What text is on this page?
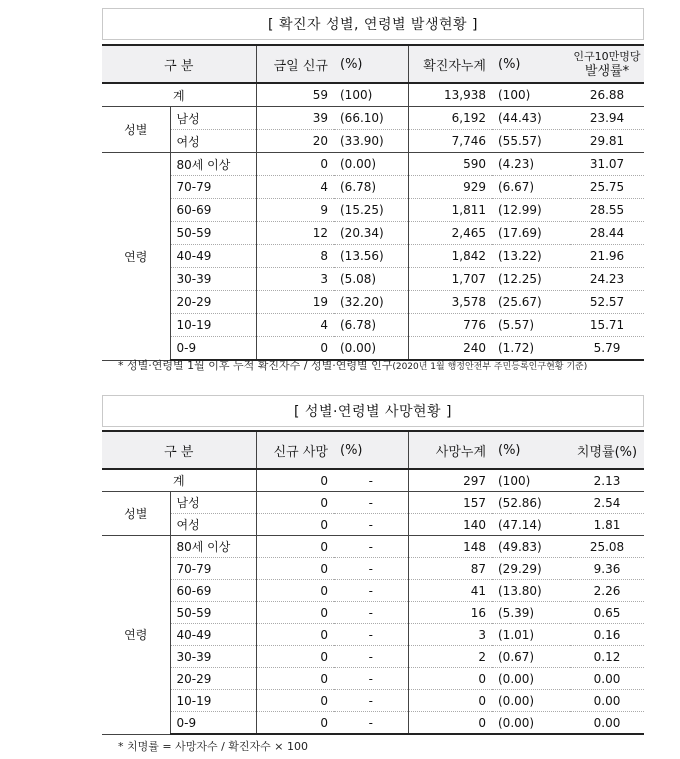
[ 확진자 성별, 연령별 발생현황 ]
구 분		금일 신규	(%)	확진자누계	(%)	인구10만명당
발생률*

계		59	(100)	13,938	(100)	26.88
성별	남성	39	(66.10)	6,192	(44.43)	23.94
	여성	20	(33.90)	7,746	(55.57)	29.81
연령	80세 이상	0	(0.00)	590	(4.23)	31.07
	70-79	4	(6.78)	929	(6.67)	25.75
	60-69	9	(15.25)	1,811	(12.99)	28.55
	50-59	12	(20.34)	2,465	(17.69)	28.44
	40-49	8	(13.56)	1,842	(13.22)	21.96
	30-39	3	(5.08)	1,707	(12.25)	24.23
	20-29	19	(32.20)	3,578	(25.67)	52.57
	10-19	4	(6.78)	776	(5.57)	15.71
	0-9	0	(0.00)	240	(1.72)	5.79
* 성별·연령별 1월 이후 누적 확진자수 / 성별·연령별 인구(2020년 1월 행정안전부 주민등록인구현황 기준)
[ 성별·연령별 사망현황 ]
구 분		신규 사망	(%)	사망누계	(%)	치명률(%)
계		0	-	297	(100)	2.13
성별	남성	0	-	157	(52.86)	2.54
	여성	0	-	140	(47.14)	1.81
연령	80세 이상	0	-	148	(49.83)	25.08
	70-79	0	-	87	(29.29)	9.36
	60-69	0	-	41	(13.80)	2.26
	50-59	0	-	16	(5.39)	0.65
	40-49	0	-	3	(1.01)	0.16
	30-39	0	-	2	(0.67)	0.12
	20-29	0	-	0	(0.00)	0.00
	10-19	0	-	0	(0.00)	0.00
	0-9	0	-	0	(0.00)	0.00
* 치명률 = 사망자수 / 확진자수 × 100
